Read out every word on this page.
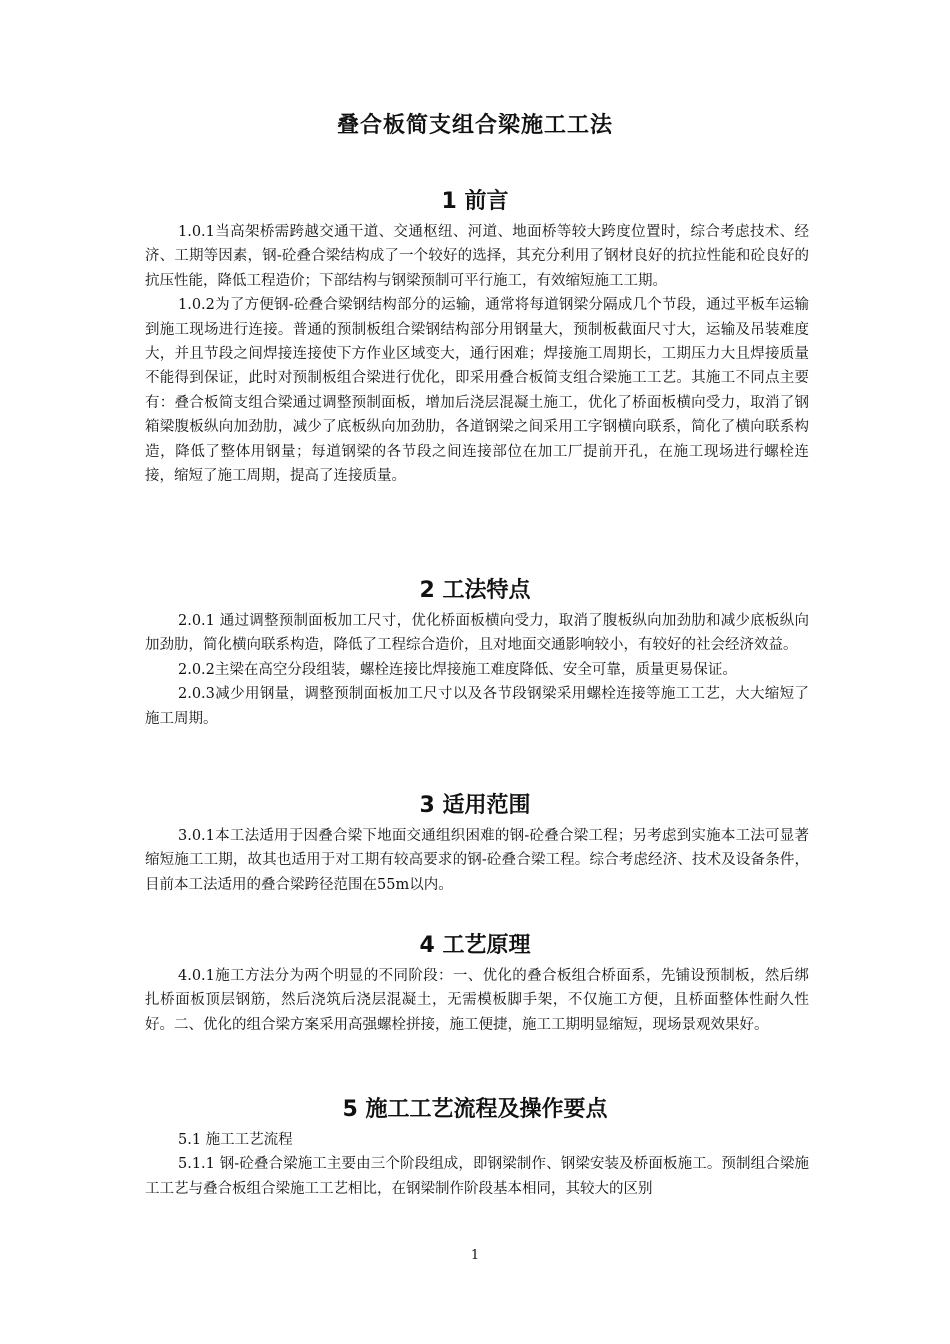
叠合板简支组合梁施工工法
1 前言

1.0.1当高架桥需跨越交通干道、交通枢纽、河道、地面桥等较大跨度位置时，综合考虑技术、经济、工期等因素，钢-砼叠合梁结构成了一个较好的选择，其充分利用了钢材良好的抗拉性能和砼良好的抗压性能，降低工程造价；下部结构与钢梁预制可平行施工，有效缩短施工工期。

1.0.2为了方便钢-砼叠合梁钢结构部分的运输，通常将每道钢梁分隔成几个节段，通过平板车运输到施工现场进行连接。普通的预制板组合梁钢结构部分用钢量大，预制板截面尺寸大，运输及吊装难度大，并且节段之间焊接连接使下方作业区域变大，通行困难；焊接施工周期长，工期压力大且焊接质量不能得到保证，此时对预制板组合梁进行优化，即采用叠合板简支组合梁施工工艺。其施工不同点主要有：叠合板简支组合梁通过调整预制面板，增加后浇层混凝土施工，优化了桥面板横向受力，取消了钢箱梁腹板纵向加劲肋，减少了底板纵向加劲肋，各道钢梁之间采用工字钢横向联系，简化了横向联系构造，降低了整体用钢量；每道钢梁的各节段之间连接部位在加工厂提前开孔，在施工现场进行螺栓连接，缩短了施工周期，提高了连接质量。

2 工法特点

2.0.1 通过调整预制面板加工尺寸，优化桥面板横向受力，取消了腹板纵向加劲肋和减少底板纵向加劲肋，简化横向联系构造，降低了工程综合造价，且对地面交通影响较小，有较好的社会经济效益。

2.0.2主梁在高空分段组装，螺栓连接比焊接施工难度降低、安全可靠，质量更易保证。

2.0.3减少用钢量，调整预制面板加工尺寸以及各节段钢梁采用螺栓连接等施工工艺，大大缩短了施工周期。

3 适用范围

3.0.1本工法适用于因叠合梁下地面交通组织困难的钢-砼叠合梁工程；另考虑到实施本工法可显著缩短施工工期，故其也适用于对工期有较高要求的钢-砼叠合梁工程。综合考虑经济、技术及设备条件，目前本工法适用的叠合梁跨径范围在55m以内。

4 工艺原理

4.0.1施工方法分为两个明显的不同阶段：一、优化的叠合板组合桥面系，先铺设预制板，然后绑扎桥面板顶层钢筋，然后浇筑后浇层混凝土，无需模板脚手架，不仅施工方便，且桥面整体性耐久性好。二、优化的组合梁方案采用高强螺栓拼接，施工便捷，施工工期明显缩短，现场景观效果好。

5 施工工艺流程及操作要点

5.1 施工工艺流程

5.1.1 钢-砼叠合梁施工主要由三个阶段组成，即钢梁制作、钢梁安装及桥面板施工。预制组合梁施工工艺与叠合板组合梁施工工艺相比，在钢梁制作阶段基本相同，其较大的区别

1
